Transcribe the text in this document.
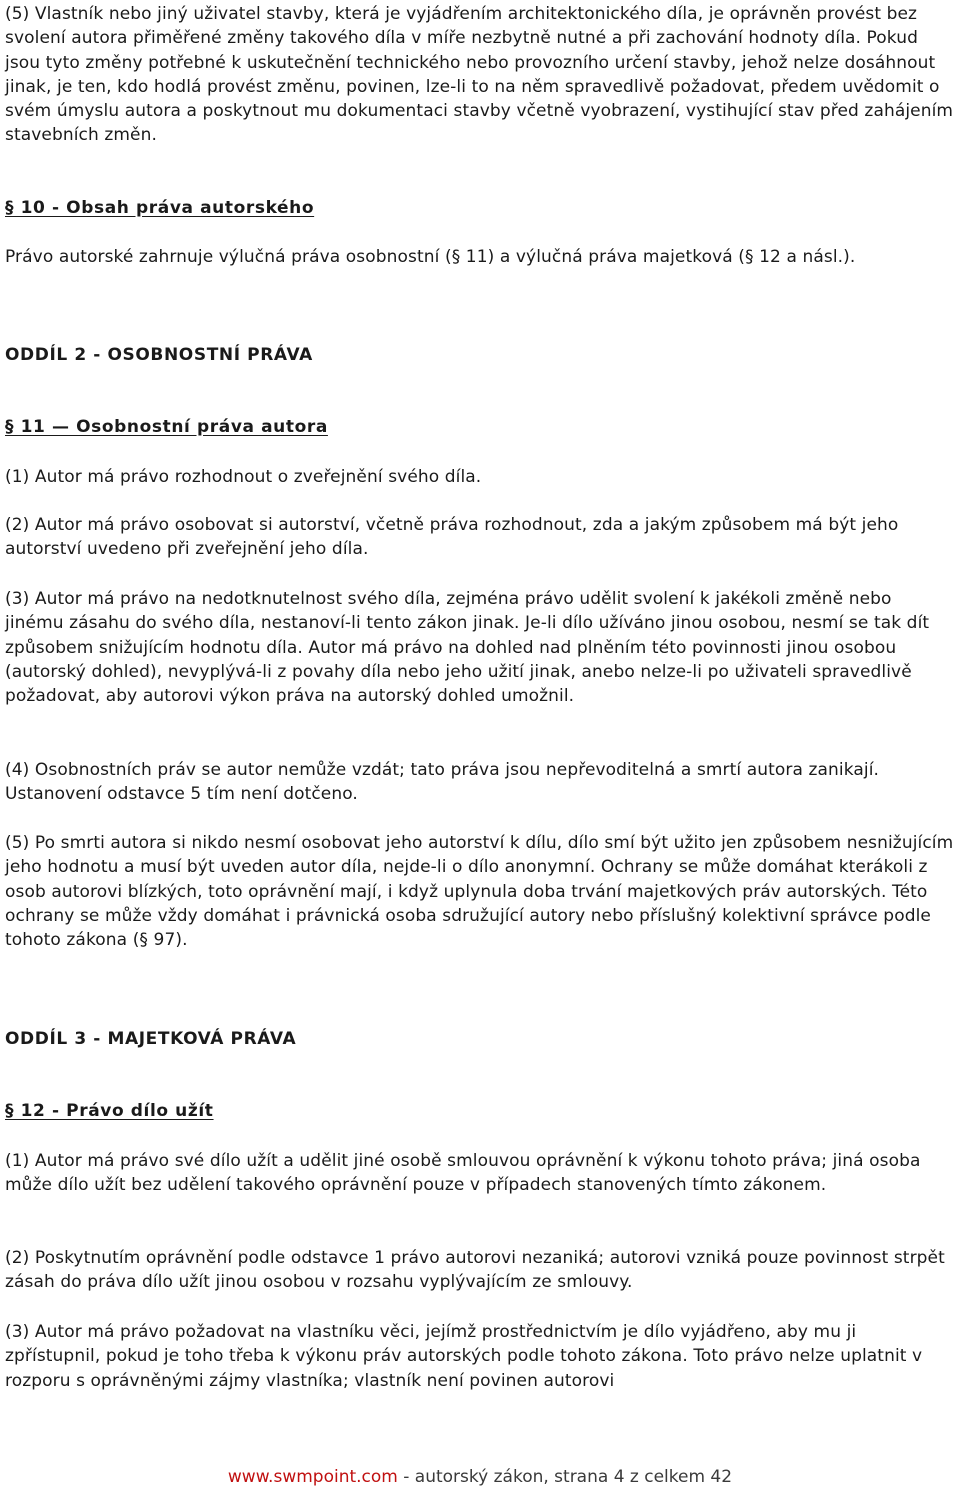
(5) Vlastník nebo jiný uživatel stavby, která je vyjádřením architektonického díla, je oprávněn provést bez svolení autora přiměřené změny takového díla v míře nezbytně nutné a při zachování hodnoty díla. Pokud jsou tyto změny potřebné k uskutečnění technického nebo provozního určení stavby, jehož nelze dosáhnout jinak, je ten, kdo hodlá provést změnu, povinen, lze-li to na něm spravedlivě požadovat, předem uvědomit o svém úmyslu autora a poskytnout mu dokumentaci stavby včetně vyobrazení, vystihující stav před zahájením stavebních změn.

§ 10 - Obsah práva autorského

Právo autorské zahrnuje výlučná práva osobnostní (§ 11) a výlučná práva majetková (§ 12 a násl.).

ODDÍL 2 - OSOBNOSTNÍ PRÁVA

§ 11 — Osobnostní práva autora

(1) Autor má právo rozhodnout o zveřejnění svého díla.

(2) Autor má právo osobovat si autorství, včetně práva rozhodnout, zda a jakým způsobem má být jeho autorství uvedeno při zveřejnění jeho díla.

(3) Autor má právo na nedotknutelnost svého díla, zejména právo udělit svolení k jakékoli změně nebo jinému zásahu do svého díla, nestanoví-li tento zákon jinak. Je-li dílo užíváno jinou osobou, nesmí se tak dít způsobem snižujícím hodnotu díla. Autor má právo na dohled nad plněním této povinnosti jinou osobou (autorský dohled), nevyplývá-li z povahy díla nebo jeho užití jinak, anebo nelze-li po uživateli spravedlivě požadovat, aby autorovi výkon práva na autorský dohled umožnil.

(4) Osobnostních práv se autor nemůže vzdát; tato práva jsou nepřevoditelná a smrtí autora zanikají. Ustanovení odstavce 5 tím není dotčeno.

(5) Po smrti autora si nikdo nesmí osobovat jeho autorství k dílu, dílo smí být užito jen způsobem nesnižujícím jeho hodnotu a musí být uveden autor díla, nejde-li o dílo anonymní. Ochrany se může domáhat kterákoli z osob autorovi blízkých, toto oprávnění mají, i když uplynula doba trvání majetkových práv autorských. Této ochrany se může vždy domáhat i právnická osoba sdružující autory nebo příslušný kolektivní správce podle tohoto zákona (§ 97).

ODDÍL 3 - MAJETKOVÁ PRÁVA

§ 12 - Právo dílo užít

(1) Autor má právo své dílo užít a udělit jiné osobě smlouvou oprávnění k výkonu tohoto práva; jiná osoba může dílo užít bez udělení takového oprávnění pouze v případech stanovených tímto zákonem.

(2) Poskytnutím oprávnění podle odstavce 1 právo autorovi nezaniká; autorovi vzniká pouze povinnost strpět zásah do práva dílo užít jinou osobou v rozsahu vyplývajícím ze smlouvy.

(3) Autor má právo požadovat na vlastníku věci, jejímž prostřednictvím je dílo vyjádřeno, aby mu ji zpřístupnil, pokud je toho třeba k výkonu práv autorských podle tohoto zákona. Toto právo nelze uplatnit v rozporu s oprávněnými zájmy vlastníka; vlastník není povinen autorovi

www.swmpoint.com - autorský zákon, strana 4 z celkem 42
